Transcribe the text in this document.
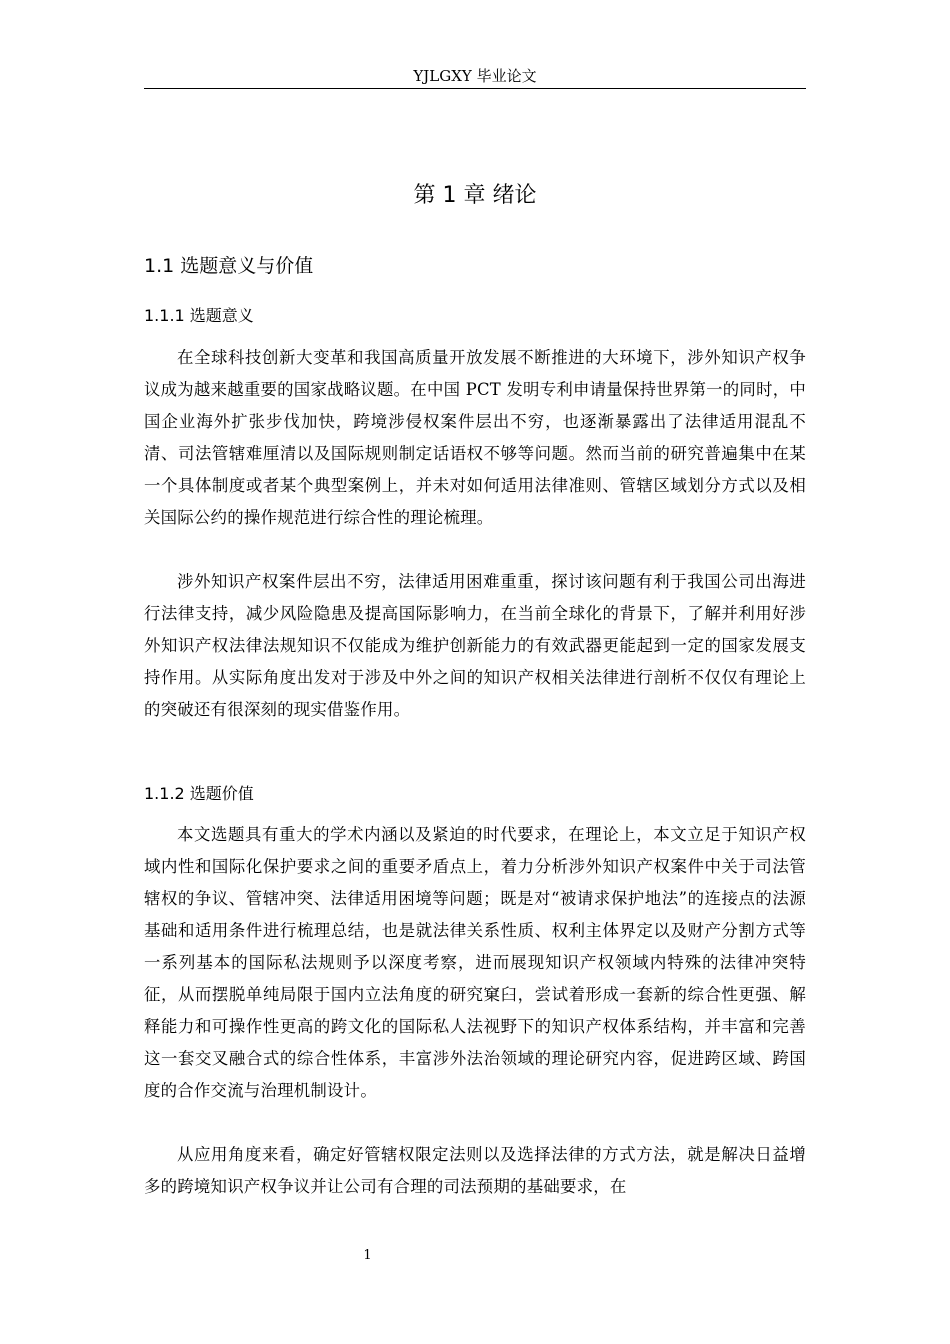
YJLGXY 毕业论文
第 1 章 绪论
1.1 选题意义与价值
1.1.1 选题意义

在全球科技创新大变革和我国高质量开放发展不断推进的大环境下，涉外知识产权争议成为越来越重要的国家战略议题。在中国 PCT 发明专利申请量保持世界第一的同时，中国企业海外扩张步伐加快，跨境涉侵权案件层出不穷，也逐渐暴露出了法律适用混乱不清、司法管辖难厘清以及国际规则制定话语权不够等问题。然而当前的研究普遍集中在某一个具体制度或者某个典型案例上，并未对如何适用法律准则、管辖区域划分方式以及相关国际公约的操作规范进行综合性的理论梳理。

涉外知识产权案件层出不穷，法律适用困难重重，探讨该问题有利于我国公司出海进行法律支持，减少风险隐患及提高国际影响力，在当前全球化的背景下，了解并利用好涉外知识产权法律法规知识不仅能成为维护创新能力的有效武器更能起到一定的国家发展支持作用。从实际角度出发对于涉及中外之间的知识产权相关法律进行剖析不仅仅有理论上的突破还有很深刻的现实借鉴作用。

1.1.2 选题价值

本文选题具有重大的学术内涵以及紧迫的时代要求，在理论上，本文立足于知识产权域内性和国际化保护要求之间的重要矛盾点上，着力分析涉外知识产权案件中关于司法管辖权的争议、管辖冲突、法律适用困境等问题；既是对“被请求保护地法”的连接点的法源基础和适用条件进行梳理总结，也是就法律关系性质、权利主体界定以及财产分割方式等一系列基本的国际私法规则予以深度考察，进而展现知识产权领域内特殊的法律冲突特征，从而摆脱单纯局限于国内立法角度的研究窠臼，尝试着形成一套新的综合性更强、解释能力和可操作性更高的跨文化的国际私人法视野下的知识产权体系结构，并丰富和完善这一套交叉融合式的综合性体系，丰富涉外法治领域的理论研究内容，促进跨区域、跨国度的合作交流与治理机制设计。

从应用角度来看，确定好管辖权限定法则以及选择法律的方式方法，就是解决日益增多的跨境知识产权争议并让公司有合理的司法预期的基础要求，在

1
